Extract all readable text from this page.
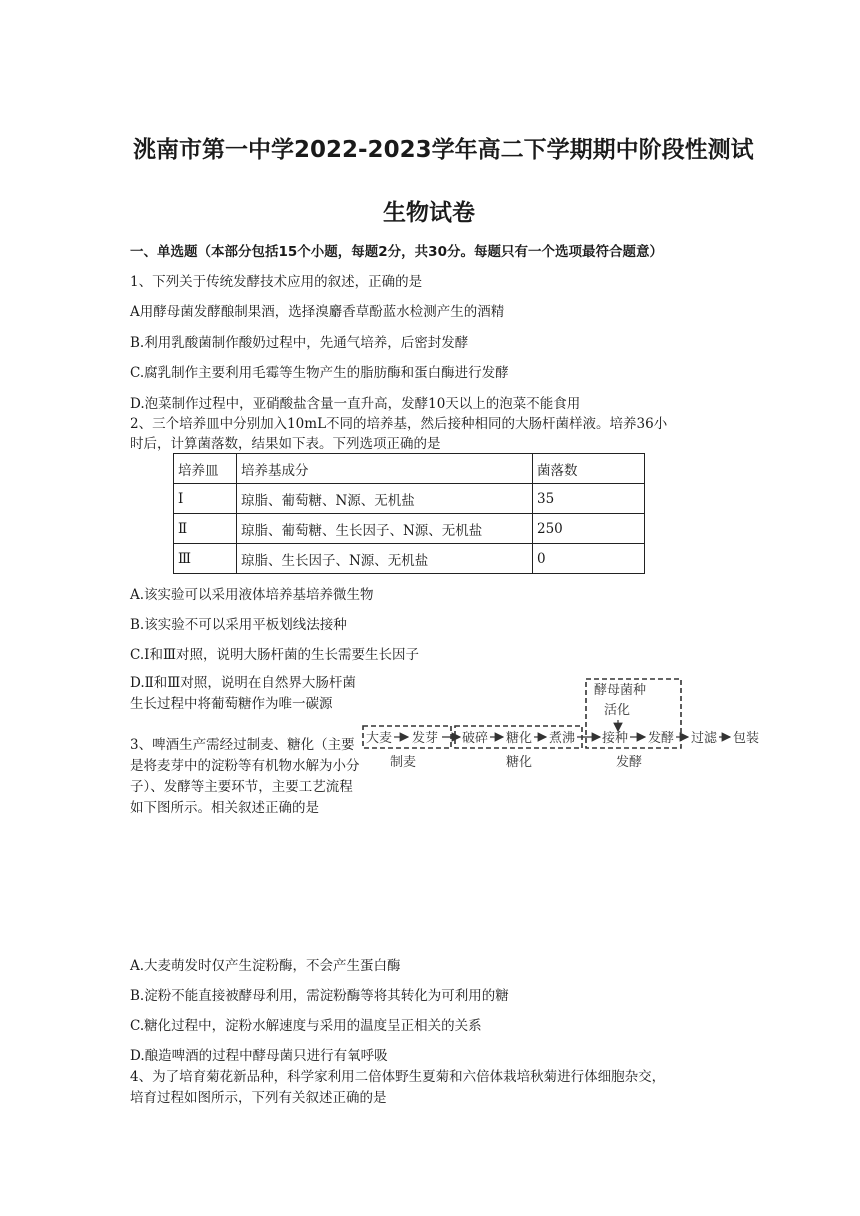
洮南市第一中学2022-2023学年高二下学期期中阶段性测试
生物试卷
一、单选题（本部分包括15个小题，每题2分，共30分。每题只有一个选项最符合题意）
1、下列关于传统发酵技术应用的叙述，正确的是
A用酵母菌发酵酿制果酒，选择溴麝香草酚蓝水检测产生的酒精
B.利用乳酸菌制作酸奶过程中，先通气培养，后密封发酵
C.腐乳制作主要利用毛霉等生物产生的脂肪酶和蛋白酶进行发酵
D.泡菜制作过程中，亚硝酸盐含量一直升高，发酵10天以上的泡菜不能食用
2、三个培养皿中分别加入10mL不同的培养基，然后接种相同的大肠杆菌样液。培养36小
时后，计算菌落数，结果如下表。下列选项正确的是
培养皿	培养基成分	菌落数
Ⅰ	琼脂、葡萄糖、N源、无机盐	35
Ⅱ	琼脂、葡萄糖、生长因子、N源、无机盐	250
Ⅲ	琼脂、生长因子、N源、无机盐	0
A.该实验可以采用液体培养基培养微生物
B.该实验不可以采用平板划线法接种
C.Ⅰ和Ⅲ对照，说明大肠杆菌的生长需要生长因子
D.Ⅱ和Ⅲ对照，说明在自然界大肠杆菌生长过程中将葡萄糖作为唯一碳源
3、啤酒生产需经过制麦、糖化（主要是将麦芽中的淀粉等有机物水解为小分子）、发酵等主要环节，主要工艺流程如下图所示。相关叙述正确的是
酵母菌种
活化
大麦 发芽 破碎 糖化 煮沸 接种 发酵 过滤 包装
制麦	糖化	发酵
A.大麦萌发时仅产生淀粉酶，不会产生蛋白酶
B.淀粉不能直接被酵母利用，需淀粉酶等将其转化为可利用的糖
C.糖化过程中，淀粉水解速度与采用的温度呈正相关的关系
D.酿造啤酒的过程中酵母菌只进行有氧呼吸
4、为了培育菊花新品种，科学家利用二倍体野生夏菊和六倍体栽培秋菊进行体细胞杂交，
培育过程如图所示，下列有关叙述正确的是
